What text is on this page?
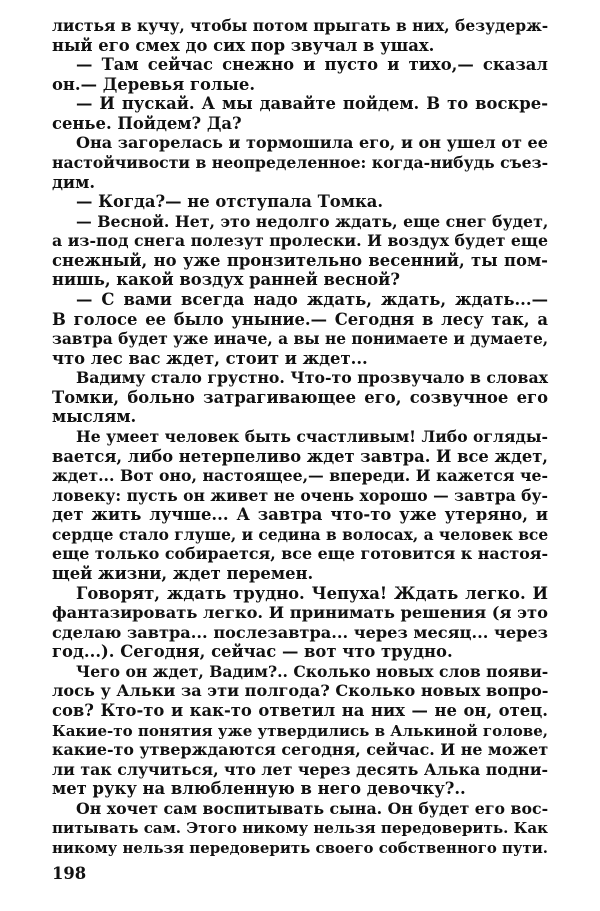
листья в кучу, чтобы потом прыгать в них, безудерж-
ный его смех до сих пор звучал в ушах.
— Там сейчас снежно и пусто и тихо,— сказал
он.— Деревья голые.
— И пускай. А мы давайте пойдем. В то воскре-
сенье. Пойдем? Да?
Она загорелась и тормошила его, и он ушел от ее
настойчивости в неопределенное: когда-нибудь съез-
дим.
— Когда?— не отступала Томка.
— Весной. Нет, это недолго ждать, еще снег будет,
а из-под снега полезут пролески. И воздух будет еще
снежный, но уже пронзительно весенний, ты пом-
нишь, какой воздух ранней весной?
— С вами всегда надо ждать, ждать, ждать...—
В голосе ее было уныние.— Сегодня в лесу так, а
завтра будет уже иначе, а вы не понимаете и думаете,
что лес вас ждет, стоит и ждет...
Вадиму стало грустно. Что-то прозвучало в словах
Томки, больно затрагивающее его, созвучное его
мыслям.
Не умеет человек быть счастливым! Либо огляды-
вается, либо нетерпеливо ждет завтра. И все ждет,
ждет... Вот оно, настоящее,— впереди. И кажется че-
ловеку: пусть он живет не очень хорошо — завтра бу-
дет жить лучше... А завтра что-то уже утеряно, и
сердце стало глуше, и седина в волосах, а человек все
еще только собирается, все еще готовится к настоя-
щей жизни, ждет перемен.
Говорят, ждать трудно. Чепуха! Ждать легко. И
фантазировать легко. И принимать решения (я это
сделаю завтра... послезавтра... через месяц... через
год...). Сегодня, сейчас — вот что трудно.
Чего он ждет, Вадим?.. Сколько новых слов появи-
лось у Альки за эти полгода? Сколько новых вопро-
сов? Кто-то и как-то ответил на них — не он, отец.
Какие-то понятия уже утвердились в Алькиной голове,
какие-то утверждаются сегодня, сейчас. И не может
ли так случиться, что лет через десять Алька подни-
мет руку на влюбленную в него девочку?..
Он хочет сам воспитывать сына. Он будет его вос-
питывать сам. Этого никому нельзя передоверить. Как
никому нельзя передоверить своего собственного пути.
198
